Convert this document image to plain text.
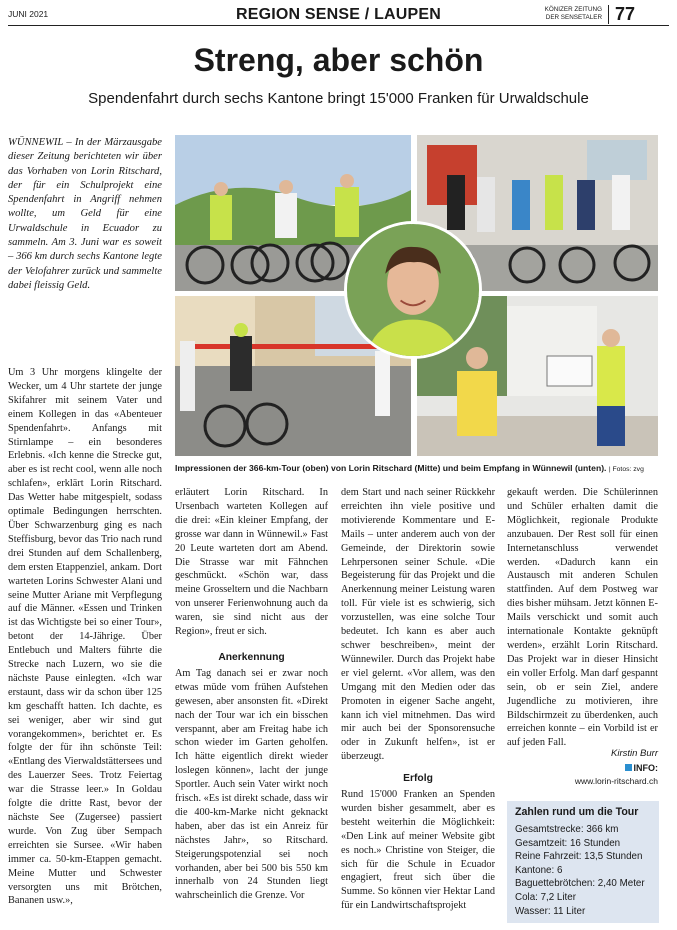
JUNI 2021	REGION SENSE / LAUPEN	KÖNIZER ZEITUNG
DER SENSETALER 77
Streng, aber schön
Spendenfahrt durch sechs Kantone bringt 15'000 Franken für Urwaldschule
WÜNNEWIL – In der Märzausgabe dieser Zeitung berichteten wir über das Vorhaben von Lorin Ritschard, der für ein Schulprojekt eine Spendenfahrt in Angriff nehmen wollte, um Geld für eine Urwaldschule in Ecuador zu sammeln. Am 3. Juni war es soweit – 366 km durch sechs Kantone legte der Velofahrer zurück und sammelte dabei fleissig Geld.
Um 3 Uhr morgens klingelte der Wecker, um 4 Uhr startete der junge Skifahrer mit seinem Vater und einem Kollegen in das «Abenteuer Spendenfahrt». Anfangs mit Stirnlampe – ein besonderes Erlebnis. «Ich kenne die Strecke gut, aber es ist recht cool, wenn alle noch schlafen», erklärt Lorin Ritschard. Das Wetter habe mitgespielt, sodass optimale Bedingungen herrschten. Über Schwarzenburg ging es nach Steffisburg, bevor das Trio nach rund drei Stunden auf dem Schallenberg, dem ersten Etappenziel, ankam. Dort warteten Lorins Schwester Alani und seine Mutter Ariane mit Verpflegung auf die Männer. «Essen und Trinken ist das Wichtigste bei so einer Tour», betont der 14-Jährige. Über Entlebuch und Malters führte die Strecke nach Luzern, wo sie die nächste Pause einlegten. «Ich war erstaunt, dass wir da schon über 125 km geschafft hatten. Ich dachte, es sei weniger, aber wir sind gut vorangekommen», berichtet er. Es folgte der für ihn schönste Teil: «Entlang des Vierwaldstättersees und des Lauerzer Sees. Trotz Feiertag war die Strasse leer.» In Goldau folgte die dritte Rast, bevor der nächste See (Zugersee) passiert wurde. Von Zug über Sempach erreichten sie Sursee. «Wir haben immer ca. 50-km-Etappen gemacht. Meine Mutter und Schwester versorgten uns mit Brötchen, Bananen usw.»,
Impressionen der 366-km-Tour (oben) von Lorin Ritschard (Mitte) und beim Empfang in Wünnewil (unten). | Fotos: zvg

erläutert Lorin Ritschard. In Ursenbach warteten Kollegen auf die drei: «Ein kleiner Empfang, der grosse war dann in Wünnewil.» Fast 20 Leute warteten dort am Abend. Die Strasse war mit Fähnchen geschmückt. «Schön war, dass meine Grosseltern und die Nachbarn von unserer Ferienwohnung auch da waren, sie sind nicht aus der Region», freut er sich.

Anerkennung

Am Tag danach sei er zwar noch etwas müde vom frühen Aufstehen gewesen, aber ansonsten fit. «Direkt nach der Tour war ich ein bisschen verspannt, aber am Freitag habe ich schon wieder im Garten geholfen. Ich hätte eigentlich direkt wieder loslegen können», lacht der junge Sportler. Auch sein Vater wirkt noch frisch. «Es ist direkt schade, dass wir die 400-km-Marke nicht geknackt haben, aber das ist ein Anreiz für nächstes Jahr», so Ritschard. Steigerungspotenzial sei noch vorhanden, aber bei 500 bis 550 km innerhalb von 24 Stunden liegt wahrscheinlich die Grenze. Vor

dem Start und nach seiner Rückkehr erreichten ihn viele positive und motivierende Kommentare und E-Mails – unter anderem auch von der Gemeinde, der Direktorin sowie Lehrpersonen seiner Schule. «Die Begeisterung für das Projekt und die Anerkennung meiner Leistung waren toll. Für viele ist es schwierig, sich vorzustellen, was eine solche Tour bedeutet. Ich kann es aber auch schwer beschreiben», meint der Wünnewiler. Durch das Projekt habe er viel gelernt. «Vor allem, was den Umgang mit den Medien oder das Promoten in eigener Sache angeht, kann ich viel mitnehmen. Das wird mir auch bei der Sponsorensuche oder in Zukunft helfen», ist er überzeugt.

Erfolg

Rund 15'000 Franken an Spenden wurden bisher gesammelt, aber es besteht weiterhin die Möglichkeit: «Den Link auf meiner Website gibt es noch.» Christine von Steiger, die sich für die Schule in Ecuador engagiert, freut sich über die Summe. So können vier Hektar Land für ein Landwirtschaftsprojekt

gekauft werden. Die Schülerinnen und Schüler erhalten damit die Möglichkeit, regionale Produkte anzubauen. Der Rest soll für einen Internetanschluss verwendet werden. «Dadurch kann ein Austausch mit anderen Schulen stattfinden. Auf dem Postweg war dies bisher mühsam. Jetzt können E-Mails verschickt und somit auch internationale Kontakte geknüpft werden», erzählt Lorin Ritschard. Das Projekt war in dieser Hinsicht ein voller Erfolg. Man darf gespannt sein, ob er sein Ziel, andere Jugendliche zu motivieren, ihre Bildschirmzeit zu überdenken, auch erreichen konnte – ein Vorbild ist er auf jeden Fall.

Kirstin Burr
INFO:
www.lorin-ritschard.ch
Zahlen rund um die Tour
Gesamtstrecke: 366 km
Gesamtzeit: 16 Stunden
Reine Fahrzeit: 13,5 Stunden
Kantone: 6
Baguettebrötchen: 2,40 Meter
Cola: 7,2 Liter
Wasser: 11 Liter
